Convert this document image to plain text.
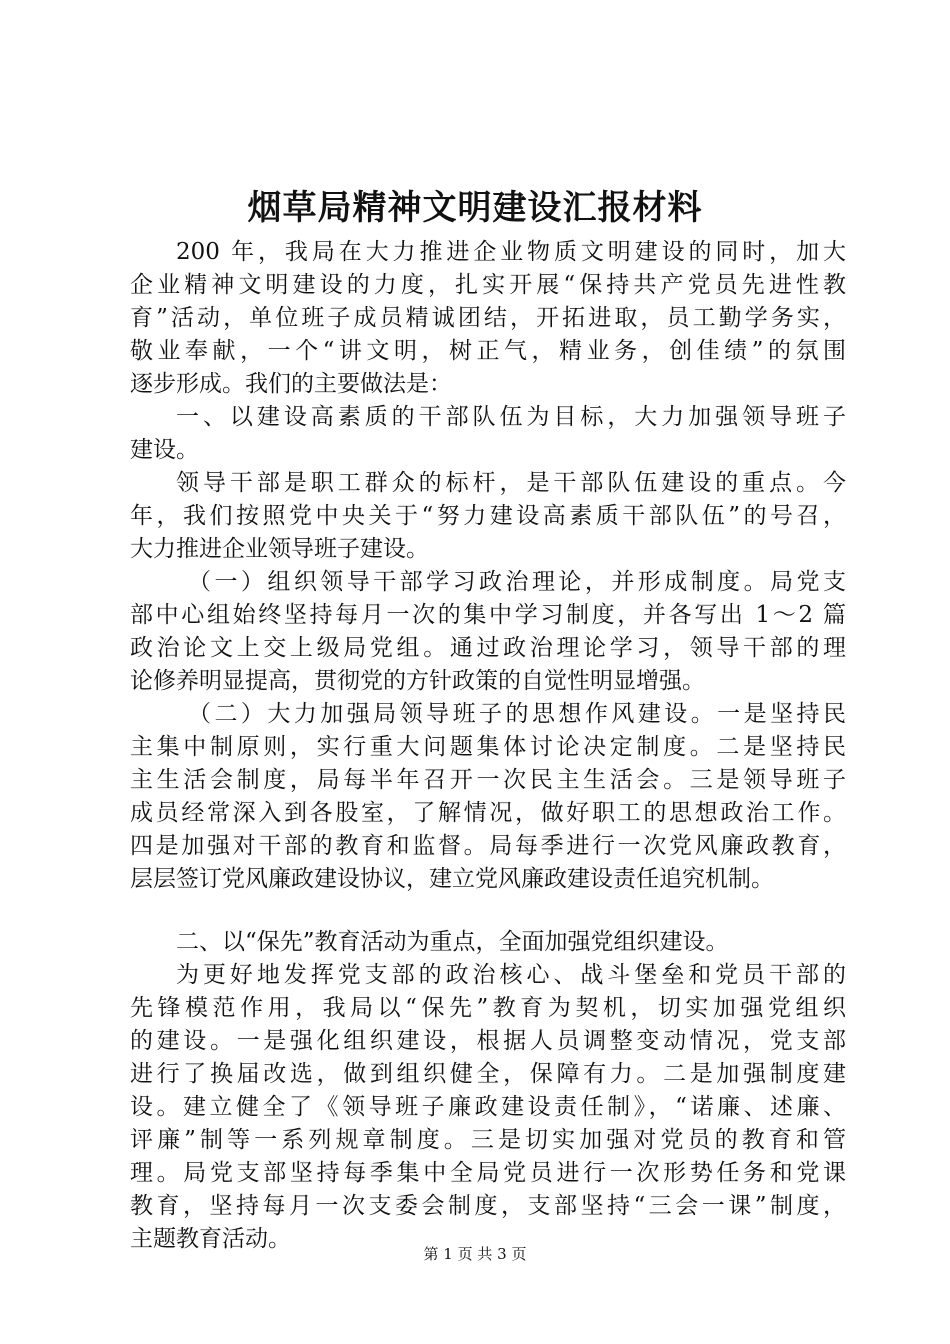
烟草局精神文明建设汇报材料
200 年，我局在大力推进企业物质文明建设的同时，加大
企业精神文明建设的力度，扎实开展“保持共产党员先进性教
育”活动，单位班子成员精诚团结，开拓进取，员工勤学务实，
敬业奉献，一个“讲文明，树正气，精业务，创佳绩”的氛围
逐步形成。我们的主要做法是：
一、以建设高素质的干部队伍为目标，大力加强领导班子
建设。
领导干部是职工群众的标杆，是干部队伍建设的重点。今
年，我们按照党中央关于“努力建设高素质干部队伍”的号召，
大力推进企业领导班子建设。
（一）组织领导干部学习政治理论，并形成制度。局党支
部中心组始终坚持每月一次的集中学习制度，并各写出 1～2 篇
政治论文上交上级局党组。通过政治理论学习，领导干部的理
论修养明显提高，贯彻党的方针政策的自觉性明显增强。
（二）大力加强局领导班子的思想作风建设。一是坚持民
主集中制原则，实行重大问题集体讨论决定制度。二是坚持民
主生活会制度，局每半年召开一次民主生活会。三是领导班子
成员经常深入到各股室，了解情况，做好职工的思想政治工作。
四是加强对干部的教育和监督。局每季进行一次党风廉政教育，
层层签订党风廉政建设协议，建立党风廉政建设责任追究机制。
二、以“保先”教育活动为重点，全面加强党组织建设。
为更好地发挥党支部的政治核心、战斗堡垒和党员干部的
先锋模范作用，我局以“保先”教育为契机，切实加强党组织
的建设。一是强化组织建设，根据人员调整变动情况，党支部
进行了换届改选，做到组织健全，保障有力。二是加强制度建
设。建立健全了《领导班子廉政建设责任制》，“诺廉、述廉、
评廉”制等一系列规章制度。三是切实加强对党员的教育和管
理。局党支部坚持每季集中全局党员进行一次形势任务和党课
教育，坚持每月一次支委会制度，支部坚持“三会一课”制度，
主题教育活动。
第 1 页 共 3 页
